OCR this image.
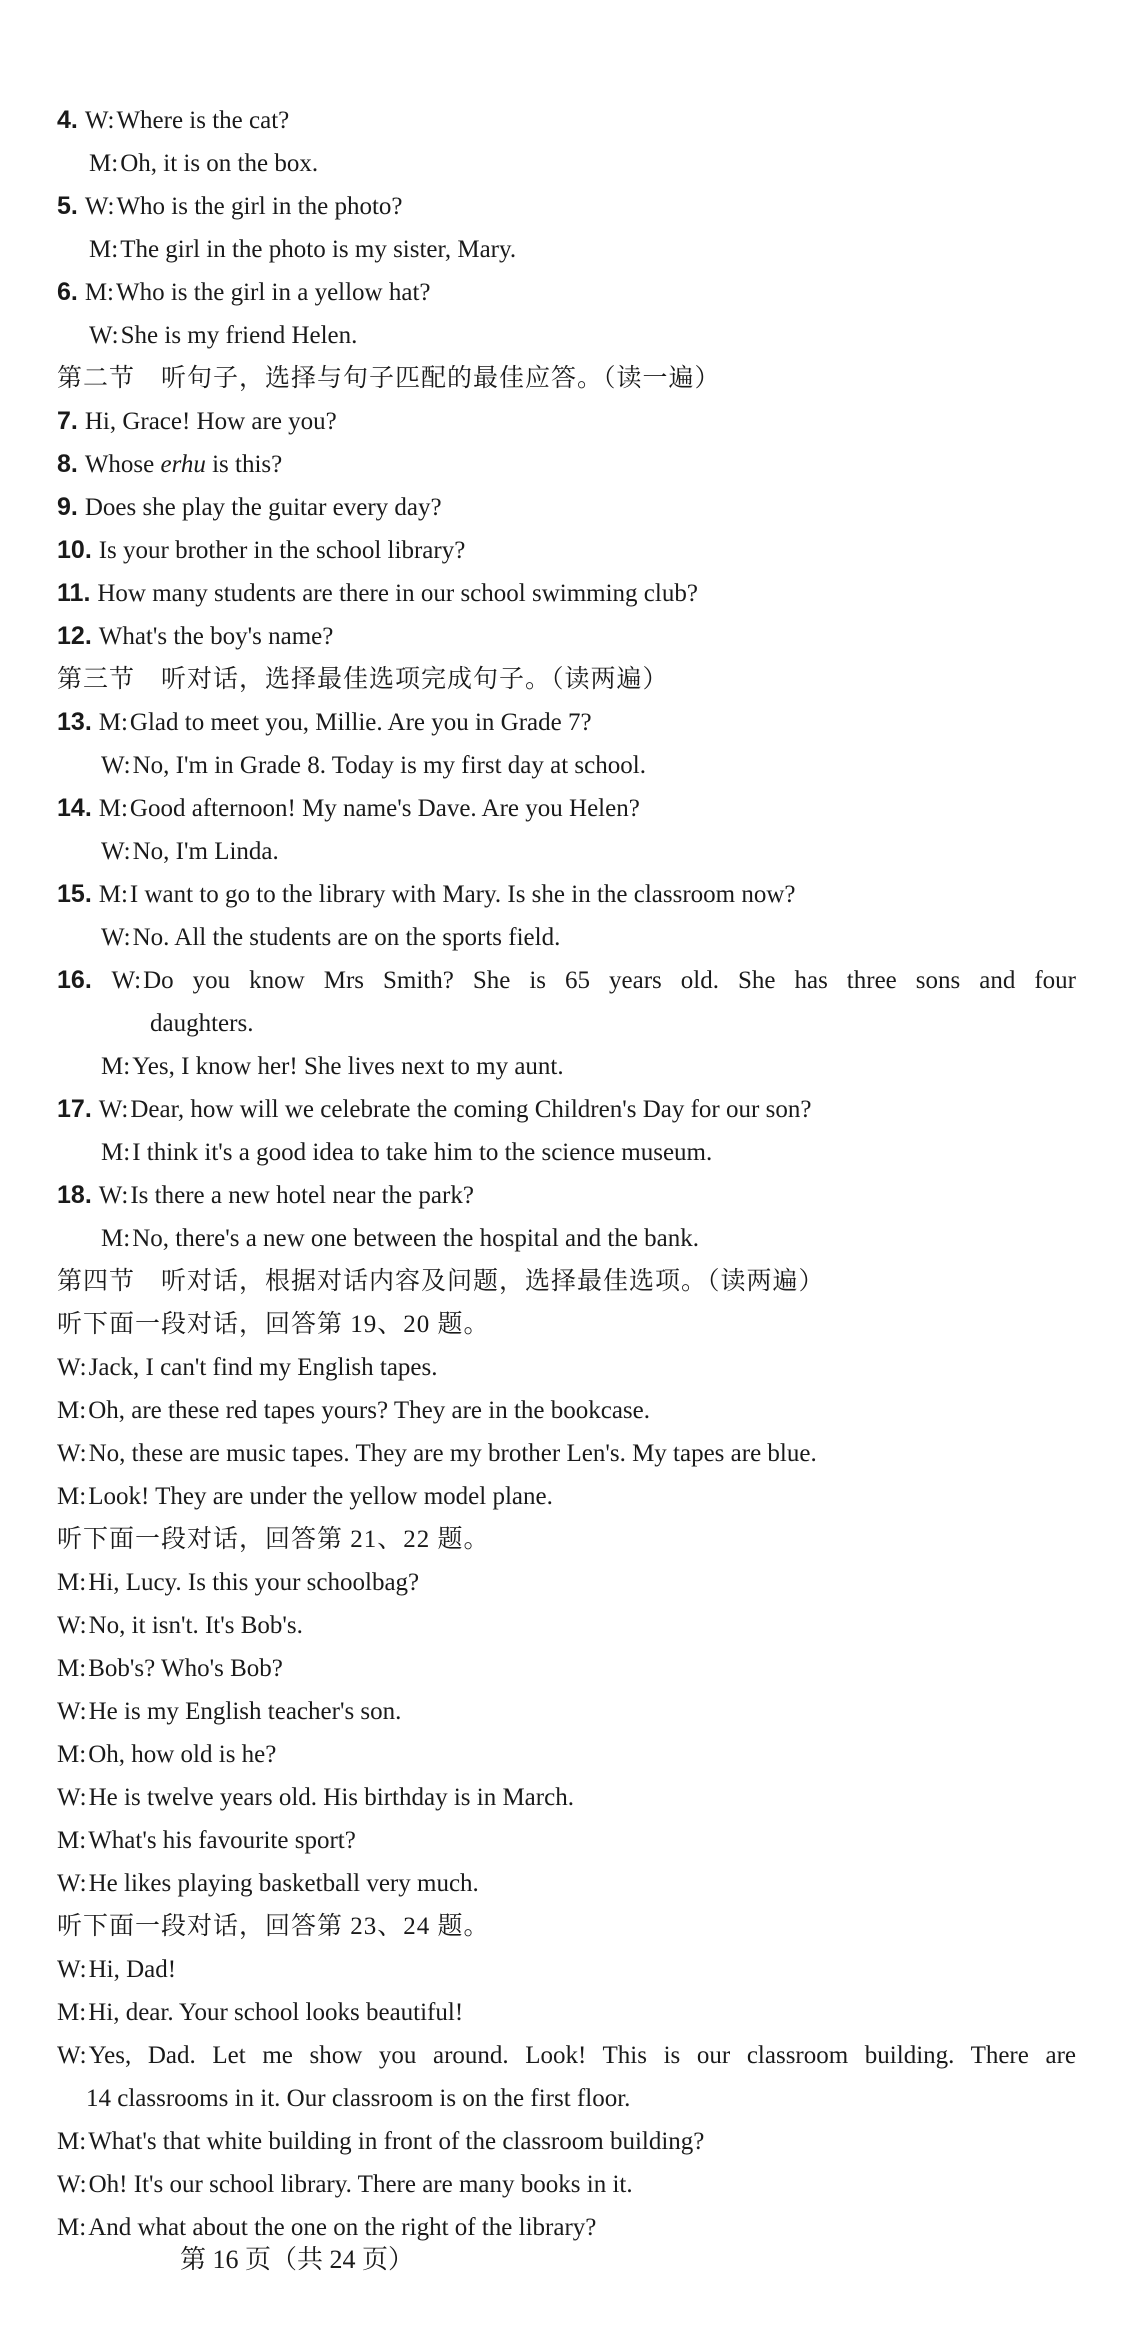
4. W:Where is the cat?
M:Oh, it is on the box.
5. W:Who is the girl in the photo?
M:The girl in the photo is my sister, Mary.
6. M:Who is the girl in a yellow hat?
W:She is my friend Helen.
第二节　听句子，选择与句子匹配的最佳应答。（读一遍）
7. Hi, Grace! How are you?
8. Whose erhu is this?
9. Does she play the guitar every day?
10. Is your brother in the school library?
11. How many students are there in our school swimming club?
12. What's the boy's name?
第三节　听对话，选择最佳选项完成句子。（读两遍）
13. M:Glad to meet you, Millie. Are you in Grade 7?
W:No, I'm in Grade 8. Today is my first day at school.
14. M:Good afternoon! My name's Dave. Are you Helen?
W:No, I'm Linda.
15. M:I want to go to the library with Mary. Is she in the classroom now?
W:No. All the students are on the sports field.
16. W:Do you know Mrs Smith? She is 65 years old. She has three sons and four
daughters.
M:Yes, I know her! She lives next to my aunt.
17. W:Dear, how will we celebrate the coming Children's Day for our son?
M:I think it's a good idea to take him to the science museum.
18. W:Is there a new hotel near the park?
M:No, there's a new one between the hospital and the bank.
第四节　听对话，根据对话内容及问题，选择最佳选项。（读两遍）
听下面一段对话，回答第 19、20 题。
W:Jack, I can't find my English tapes.
M:Oh, are these red tapes yours? They are in the bookcase.
W:No, these are music tapes. They are my brother Len's. My tapes are blue.
M:Look! They are under the yellow model plane.
听下面一段对话，回答第 21、22 题。
M:Hi, Lucy. Is this your schoolbag?
W:No, it isn't. It's Bob's.
M:Bob's? Who's Bob?
W:He is my English teacher's son.
M:Oh, how old is he?
W:He is twelve years old. His birthday is in March.
M:What's his favourite sport?
W:He likes playing basketball very much.
听下面一段对话，回答第 23、24 题。
W:Hi, Dad!
M:Hi, dear. Your school looks beautiful!
W:Yes, Dad. Let me show you around. Look! This is our classroom building. There are
14 classrooms in it. Our classroom is on the first floor.
M:What's that white building in front of the classroom building?
W:Oh! It's our school library. There are many books in it.
M:And what about the one on the right of the library?
第 16 页（共 24 页）
